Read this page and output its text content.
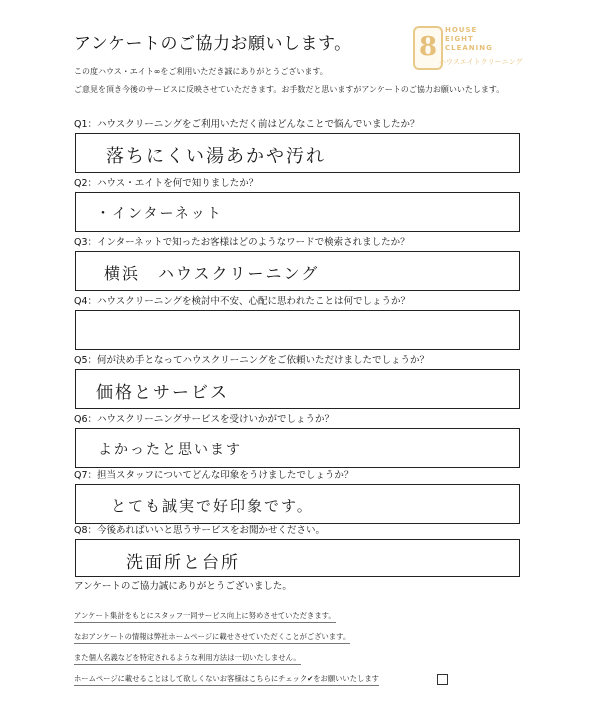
アンケートのご協力お願いします。
この度ハウス・エイト∞をご利用いただき誠にありがとうございます。
ご意見を頂き今後のサービスに反映させていただきます。お手数だと思いますがアンケートのご協力お願いいたします。
8
HOUSE
EIGHT
CLEANING
ハウスエイトクリーニング
Q1：ハウスクリーニングをご利用いただく前はどんなことで悩んでいましたか？
落ちにくい湯あかや汚れ
Q2：ハウス・エイトを何で知りましたか？
・インターネット
Q3：インターネットで知ったお客様はどのようなワードで検索されましたか？
横浜　ハウスクリーニング
Q4：ハウスクリーニングを検討中不安、心配に思われたことは何でしょうか？
Q5：何が決め手となってハウスクリーニングをご依頼いただけましたでしょうか？
価格とサービス
Q6：ハウスクリーニングサービスを受けいかがでしょうか？
よかったと思います
Q7：担当スタッフについてどんな印象をうけましたでしょうか？
とても誠実で好印象です。
Q8：今後あればいいと思うサービスをお聞かせください。
洗面所と台所
アンケートのご協力誠にありがとうございました。
アンケート集計をもとにスタッフ一同サービス向上に努めさせていただきます。
なおアンケートの情報は弊社ホームページに載せさせていただくことがございます。
また個人名義などを特定されるような利用方法は一切いたしません。
ホームページに載せることはして欲しくないお客様はこちらにチェック✔をお願いいたします
